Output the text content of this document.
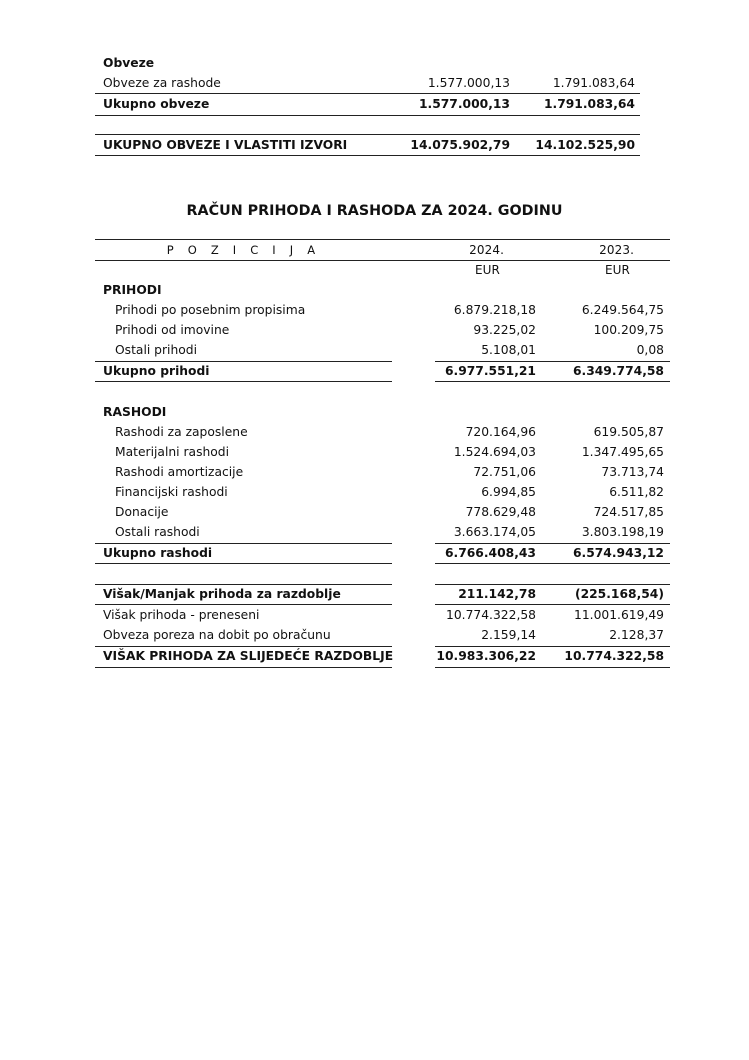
Obveze
Obveze za rashode	1.577.000,13	1.791.083,64
Ukupno obveze	1.577.000,13	1.791.083,64
UKUPNO OBVEZE I VLASTITI IZVORI	14.075.902,79 14.102.525,90
RAČUN PRIHODA I RASHODA ZA 2024. GODINU
P O Z I C I J A	2024.	2023.
EUR	EUR
PRIHODI
Prihodi po posebnim propisima	6.879.218,18	6.249.564,75
Prihodi od imovine	93.225,02	100.209,75
Ostali prihodi	5.108,01	0,08
Ukupno prihodi	6.977.551,21	6.349.774,58
RASHODI
Rashodi za zaposlene	720.164,96	619.505,87
Materijalni rashodi	1.524.694,03	1.347.495,65
Rashodi amortizacije	72.751,06	73.713,74
Financijski rashodi	6.994,85	6.511,82
Donacije	778.629,48	724.517,85
Ostali rashodi	3.663.174,05	3.803.198,19
Ukupno rashodi	6.766.408,43	6.574.943,12
Višak/Manjak prihoda za razdoblje	211.142,78	(225.168,54)
Višak prihoda - preneseni	10.774.322,58	11.001.619,49
Obveza poreza na dobit po obračunu	2.159,14	2.128,37
VIŠAK PRIHODA ZA SLIJEDEĆE RAZDOBLJE	10.983.306,22 10.774.322,58
